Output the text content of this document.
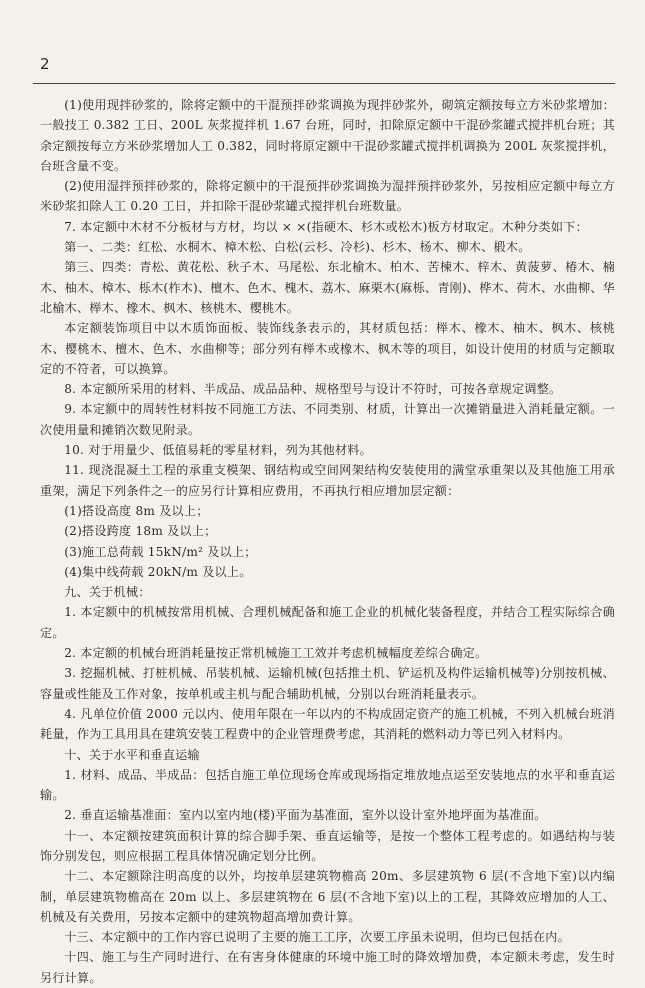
2

(1)使用现拌砂浆的，除将定额中的干混预拌砂浆调换为现拌砂浆外，砌筑定额按每立方米砂浆增加：一般技工 0.382 工日、200L 灰浆搅拌机 1.67 台班，同时，扣除原定额中干混砂浆罐式搅拌机台班；其余定额按每立方米砂浆增加人工 0.382，同时将原定额中干混砂浆罐式搅拌机调换为 200L 灰浆搅拌机，台班含量不变。

(2)使用湿拌预拌砂浆的，除将定额中的干混预拌砂浆调换为湿拌预拌砂浆外，另按相应定额中每立方米砂浆扣除人工 0.20 工日，并扣除干混砂浆罐式搅拌机台班数量。

7. 本定额中木材不分板材与方材，均以 × ×(指硬木、杉木或松木)板方材取定。木种分类如下：

第一、二类：红松、水桐木、樟木松、白松(云杉、冷杉)、杉木、杨木、柳木、椴木。

第三、四类：青松、黄花松、秋子木、马尾松、东北榆木、柏木、苦楝木、梓木、黄菠萝、椿木、楠木、柚木、樟木、栎木(柞木)、檀木、色木、槐木、荔木、麻栗木(麻栎、青刚)、桦木、荷木、水曲柳、华北榆木、榉木、橡木、枫木、核桃木、樱桃木。

本定额装饰项目中以木质饰面板、装饰线条表示的，其材质包括：榉木、橡木、柚木、枫木、核桃木、樱桃木、檀木、色木、水曲柳等；部分列有榉木或橡木、枫木等的项目，如设计使用的材质与定额取定的不符者，可以换算。

8. 本定额所采用的材料、半成品、成品品种、规格型号与设计不符时，可按各章规定调整。

9. 本定额中的周转性材料按不同施工方法、不同类别、材质，计算出一次摊销量进入消耗量定额。一次使用量和摊销次数见附录。

10. 对于用量少、低值易耗的零星材料，列为其他材料。

11. 现浇混凝土工程的承重支模架、钢结构或空间网架结构安装使用的满堂承重架以及其他施工用承重架，满足下列条件之一的应另行计算相应费用，不再执行相应增加层定额：

(1)搭设高度 8m 及以上；

(2)搭设跨度 18m 及以上；

(3)施工总荷载 15kN/m² 及以上；

(4)集中线荷载 20kN/m 及以上。

九、关于机械：

1. 本定额中的机械按常用机械、合理机械配备和施工企业的机械化装备程度，并结合工程实际综合确定。

2. 本定额的机械台班消耗量按正常机械施工工效并考虑机械幅度差综合确定。

3. 挖掘机械、打桩机械、吊装机械、运输机械(包括推土机、铲运机及构件运输机械等)分别按机械、容量或性能及工作对象，按单机或主机与配合辅助机械，分别以台班消耗量表示。

4. 凡单位价值 2000 元以内、使用年限在一年以内的不构成固定资产的施工机械，不列入机械台班消耗量，作为工具用具在建筑安装工程费中的企业管理费考虑，其消耗的燃料动力等已列入材料内。

十、关于水平和垂直运输

1. 材料、成品、半成品：包括自施工单位现场仓库或现场指定堆放地点运至安装地点的水平和垂直运输。

2. 垂直运输基准面：室内以室内地(楼)平面为基准面，室外以设计室外地坪面为基准面。

十一、本定额按建筑面积计算的综合脚手架、垂直运输等，是按一个整体工程考虑的。如遇结构与装饰分别发包，则应根据工程具体情况确定划分比例。

十二、本定额除注明高度的以外，均按单层建筑物檐高 20m、多层建筑物 6 层(不含地下室)以内编制，单层建筑物檐高在 20m 以上、多层建筑物在 6 层(不含地下室)以上的工程，其降效应增加的人工、机械及有关费用，另按本定额中的建筑物超高增加费计算。

十三、本定额中的工作内容已说明了主要的施工工序，次要工序虽未说明，但均已包括在内。

十四、施工与生产同时进行、在有害身体健康的环境中施工时的降效增加费，本定额未考虑，发生时另行计算。
